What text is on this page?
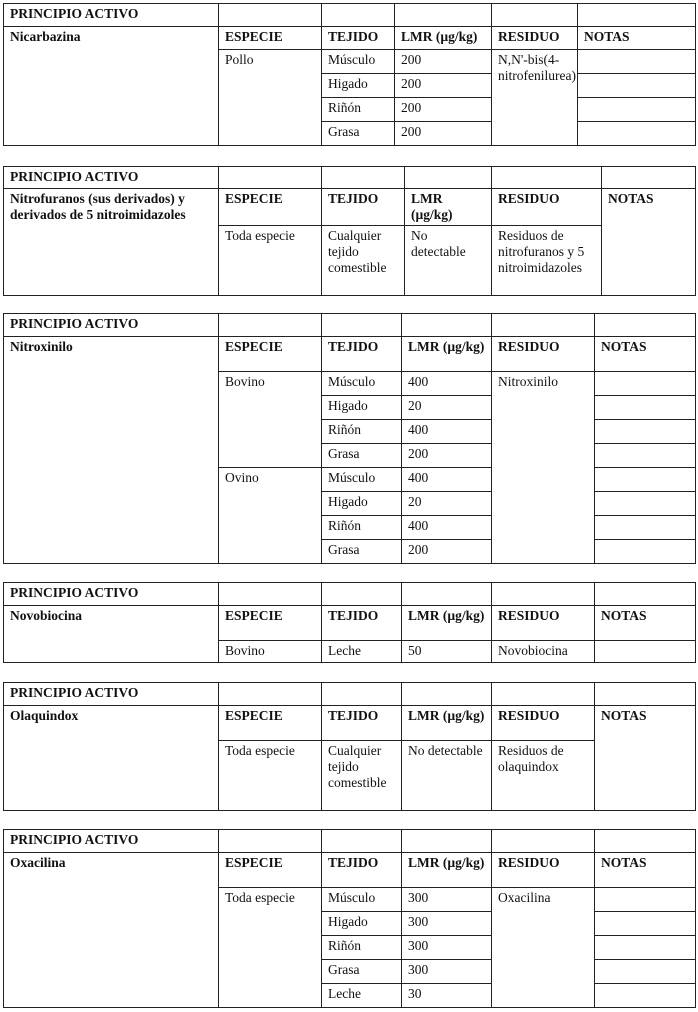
PRINCIPIO ACTIVO					
Nicarbazina	ESPECIE	TEJIDO	LMR (µg/kg)	RESIDUO	NOTAS
	Pollo	Músculo	200	N,N'-bis(4-nitrofenilurea)	
		Higado	200		
		Riñón	200		
		Grasa	200		
PRINCIPIO ACTIVO					
Nitrofuranos (sus derivados) y derivados de 5 nitroimidazoles	ESPECIE	TEJIDO	LMR (µg/kg)	RESIDUO	NOTAS
	Toda especie	Cualquier tejido comestible	No detectable	Residuos de nitrofuranos y 5 nitroimidazoles	
PRINCIPIO ACTIVO					
Nitroxinilo	ESPECIE	TEJIDO	LMR (µg/kg)	RESIDUO	NOTAS
	Bovino	Músculo	400	Nitroxinilo	
		Higado	20		
		Riñón	400		
		Grasa	200		
	Ovino	Músculo	400		
		Higado	20		
		Riñón	400		
		Grasa	200		
PRINCIPIO ACTIVO					
Novobiocina	ESPECIE	TEJIDO	LMR (µg/kg)	RESIDUO	NOTAS
	Bovino	Leche	50	Novobiocina	
PRINCIPIO ACTIVO					
Olaquindox	ESPECIE	TEJIDO	LMR (µg/kg)	RESIDUO	NOTAS
	Toda especie	Cualquier tejido comestible	No detectable	Residuos de olaquindox	
PRINCIPIO ACTIVO					
Oxacilina	ESPECIE	TEJIDO	LMR (µg/kg)	RESIDUO	NOTAS
	Toda especie	Músculo	300	Oxacilina	
		Higado	300		
		Riñón	300		
		Grasa	300		
		Leche	30		
